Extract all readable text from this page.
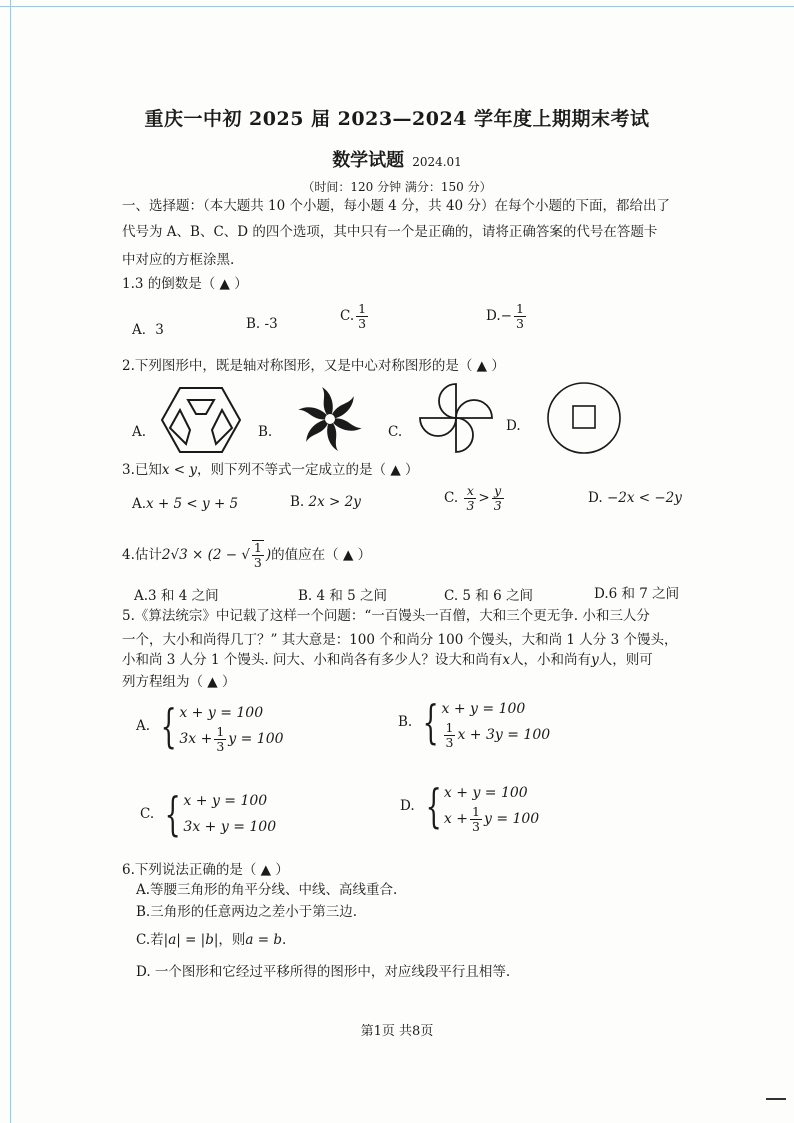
重庆一中初 2025 届 2023—2024 学年度上期期末考试
数学试题 2024.01
（时间：120 分钟 满分：150 分）
一、选择题：（本大题共 10 个小题，每小题 4 分，共 40 分）在每个小题的下面，都给出了
代号为 A、B、C、D 的四个选项，其中只有一个是正确的，请将正确答案的代号在答题卡
中对应的方框涂黑.
1.3 的倒数是（ ▲ ）
A．3	B. -3	C. $\frac{1}{3}$	$D.- \frac{1}{3}$
2.下列图形中，既是轴对称图形，又是中心对称图形的是（ ▲ ）
A.	B.	C.	D.
3.已知x < y，则下列不等式一定成立的是（ ▲ ）
A.x + 5 < y + 5	B. 2x > 2y	C. $\frac{x}{3} > \frac{y}{3}$	D. −2x < −2y
4.估计 2√3 × (2 − √ $\frac{1}{3}$ ) 的值应在（ ▲ ）
A.3 和 4 之间	B. 4 和 5 之间	C. 5 和 6 之间	D.6 和 7 之间
5.《算法统宗》中记载了这样一个问题：“一百馒头一百僧，大和三个更无争. 小和三人分
一个，大小和尚得几丁？” 其大意是：100 个和尚分 100 个馒头，大和尚 1 人分 3 个馒头，
小和尚 3 人分 1 个馒头. 问大、小和尚各有多少人？设大和尚有x人，小和尚有y人，则可
列方程组为（ ▲ ）
A. { x + y = 100
$3x + \frac{1}{3}$ y = 100
B. { x + y = 100
$\frac{1}{3}$ x + 3y = 100
C. { x + y = 100
3x + y = 100
D. { x + y = 100
$x + \frac{1}{3}$ y = 100
6.下列说法正确的是（ ▲ ）
A.等腰三角形的角平分线、中线、高线重合.
B.三角形的任意两边之差小于第三边.
C.若|a| = |b|，则a = b.
D. 一个图形和它经过平移所得的图形中，对应线段平行且相等.
第1页 共8页
